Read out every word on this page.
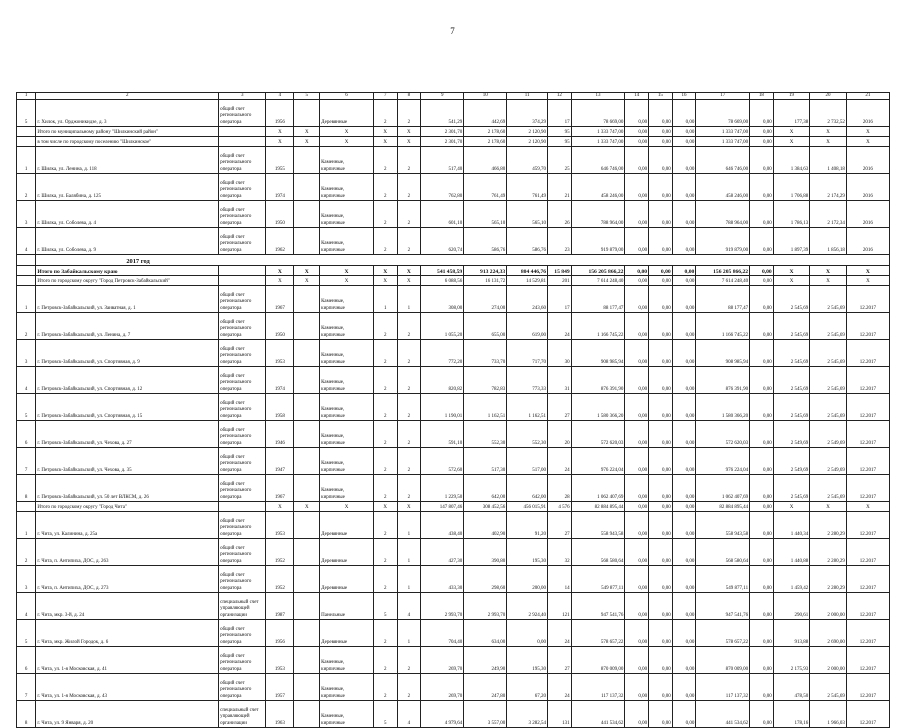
7
1	2	3	4	5	6	7	8	9	10	11	12	13	14	15	16	17	18	19	20	21
5	г. Хилок, ул. Орджоникидзе, д. 3	общий счет
регионального
оператора	1956		Деревянные	2	2	541,29	442,69	374,29	17	78 669,00	0,00	0,00	0,00	78 669,00	0,00	177,38	2 732,52	2016
	Итого по муниципальному району "Шилкинский район"		X	X	X	X	X	2 301,70	2 178,60	2 120,90	95	1 333 747,00	0,00	0,00	0,00	1 333 747,00	0,00	X	X	X
	в том числе по городскому поселению "Шилкинское"		X	X	X	X	X	2 301,70	2 178,60	2 120,90	95	1 333 747,00	0,00	0,00	0,00	1 333 747,00	0,00	X	X	X
1	г. Шилка, ул. Ленина, д. 118	общий счет
регионального
оператора	1955		Каменные,
кирпичные	2	2	517,40	466,80	459,70	25	646 746,00	0,00	0,00	0,00	646 746,00	0,00	1 384,63	1 408,18	2016
2	г. Шилка, ул. Балябина, д. 125	общий счет
регионального
оператора	1974		Каменные,
кирпичные	2	2	762,80	761,49	761,49	21	458 246,00	0,00	0,00	0,00	458 246,00	0,00	1 706,88	2 174,29	2016
3	г. Шилка, ул. Соболева, д. 4	общий счет
регионального
оператора	1950		Каменные,
кирпичные	2	2	601,10	565,10	565,10	26	788 964,00	0,00	0,00	0,00	788 964,00	0,00	1 786,13	2 172,34	2016
4	г. Шилка, ул. Соболева, д. 9	общий счет
регионального
оператора	1962		Каменные,
кирпичные	2	2	620,74	586,76	586,76	23	919 879,00	0,00	0,00	0,00	919 879,00	0,00	1 897,39	1 856,18	2016
	2017 год																			
	Итого по Забайкальскому краю		X	X	X	X	X	541 458,59	913 224,33	804 446,76	15 849	156 205 866,22	0,00	0,00	0,00	156 205 866,22	0,00	X	X	X
	Итого по городскому округу "Город Петровск-Забайкальский"		X	X	X	X	X	6 088,56	16 131,72	14 529,81	201	7 614 248,40	0,00	0,00	0,00	7 614 248,40	0,00	X	X	X
1	г. Петровск-Забайкальский, ул. Заиватная, д. 1	общий счет
регионального
оператора	1967		Каменные,
кирпичные	1	1	308,00	274,00	243,60	17	88 177,47	0,00	0,00	0,00	88 177,47	0,00	2 545,69	2 545,69	12.2017
2	г. Петровск-Забайкальский, ул. Ленина, д. 7	общий счет
регионального
оператора	1950		Каменные,
кирпичные	2	2	1 055,20	655,00	619,00	24	1 166 745,22	0,00	0,00	0,00	1 166 745,22	0,00	2 545,69	2 545,69	12.2017
3	г. Петровск-Забайкальский, ул. Спортивная, д. 9	общий счет
регионального
оператора	1953		Каменные,
кирпичные	2	2	772,20	733,70	717,70	30	908 985,94	0,00	0,00	0,00	908 985,94	0,00	2 545,69	2 545,69	12.2017
4	г. Петровск-Забайкальский, ул. Спортивная, д. 12	общий счет
регионального
оператора	1974		Каменные,
кирпичные	2	2	820,82	782,83	773,33	31	876 391,90	0,00	0,00	0,00	876 391,90	0,00	2 545,69	2 545,69	12.2017
5	г. Петровск-Забайкальский, ул. Спортивная, д. 15	общий счет
регионального
оператора	1958		Каменные,
кирпичные	2	2	1 190,01	1 162,51	1 162,51	27	1 580 366,20	0,00	0,00	0,00	1 580 366,20	0,00	2 545,69	2 545,69	12.2017
6	г. Петровск-Забайкальский, ул. Чехова, д. 27	общий счет
регионального
оператора	1946		Каменные,
кирпичные	2	2	591,10	552,30	552,30	20	572 620,03	0,00	0,00	0,00	572 620,03	0,00	2 549,69	2 549,69	12.2017
7	г. Петровск-Забайкальский, ул. Чехова, д. 35	общий счет
регионального
оператора	1947		Каменные,
кирпичные	2	2	572,60	517,30	517,00	24	976 224,04	0,00	0,00	0,00	976 224,04	0,00	2 549,69	2 549,69	12.2017
8	г. Петровск-Забайкальский, ул. 50 лет ВЛКСМ, д. 26	общий счет
регионального
оператора	1967		Каменные,
кирпичные	2	2	1 229,50	642,00	642,00	28	1 062 407,69	0,00	0,00	0,00	1 062 407,69	0,00	2 545,69	2 545,69	12.2017
	Итого по городскому округу "Город Чита"		X	X	X	X	X	147 807,46	308 452,56	456 015,91	4 576	82 884 895,44	0,00	0,00	0,00	82 884 895,44	0,00	X	X	X
1	г. Чита, ул. Калинина, д. 25а	общий счет
регионального
оператора	1953		Деревянные	2	1	438,40	402,90	91,20	27	558 943,58	0,00	0,00	0,00	558 943,58	0,00	1 440,34	2 280,29	12.2017
2	г. Чита, п. Антипиха, ДОС, д. 263	общий счет
регионального
оператора	1952		Деревянные	2	1	427,30	390,80	195,30	32	568 580,64	0,00	0,00	0,00	568 580,64	0,00	1 440,88	2 280,29	12.2017
3	г. Чита, п. Антипиха, ДОС, д. 273	общий счет
регионального
оператора	1952		Деревянные	2	1	433,30	298,60	200,00	14	549 877,11	0,00	0,00	0,00	549 877,11	0,00	1 459,42	2 280,29	12.2017
4	г. Чита, мкр. 3-й, д. 24	специальный счет
управляющей
организации	1987		Панельные	5	4	2 993,70	2 993,70	2 924,40	121	947 541,76	0,00	0,00	0,00	947 541,76	0,00	290,61	2 000,00	12.2017
5	г. Чита, мкр. Жилой Городок, д. 6	общий счет
регионального
оператора	1956		Деревянные	2	1	704,40	634,00	0,00	24	578 657,22	0,00	0,00	0,00	578 657,22	0,00	913,88	2 690,00	12.2017
6	г. Чита, ул. 1-я Московская, д. 41	общий счет
регионального
оператора	1953		Каменные,
кирпичные	2	2	269,70	249,90	195,30	27	870 009,00	0,00	0,00	0,00	870 009,00	0,00	2 175,93	2 000,00	12.2017
7	г. Чита, ул. 1-я Московская, д. 43	общий счет
регионального
оператора	1957		Каменные,
кирпичные	2	2	269,70	247,80	67,20	24	117 137,32	0,00	0,00	0,00	117 137,32	0,00	478,50	2 545,69	12.2017
8	г. Чита, ул. 9 Января, д. 20	специальный счет
управляющей
организации	1963		Каменные,
кирпичные	5	4	4 979,64	3 557,00	3 282,54	131	441 534,62	0,00	0,00	0,00	441 534,62	0,00	178,16	1 966,03	12.2017
